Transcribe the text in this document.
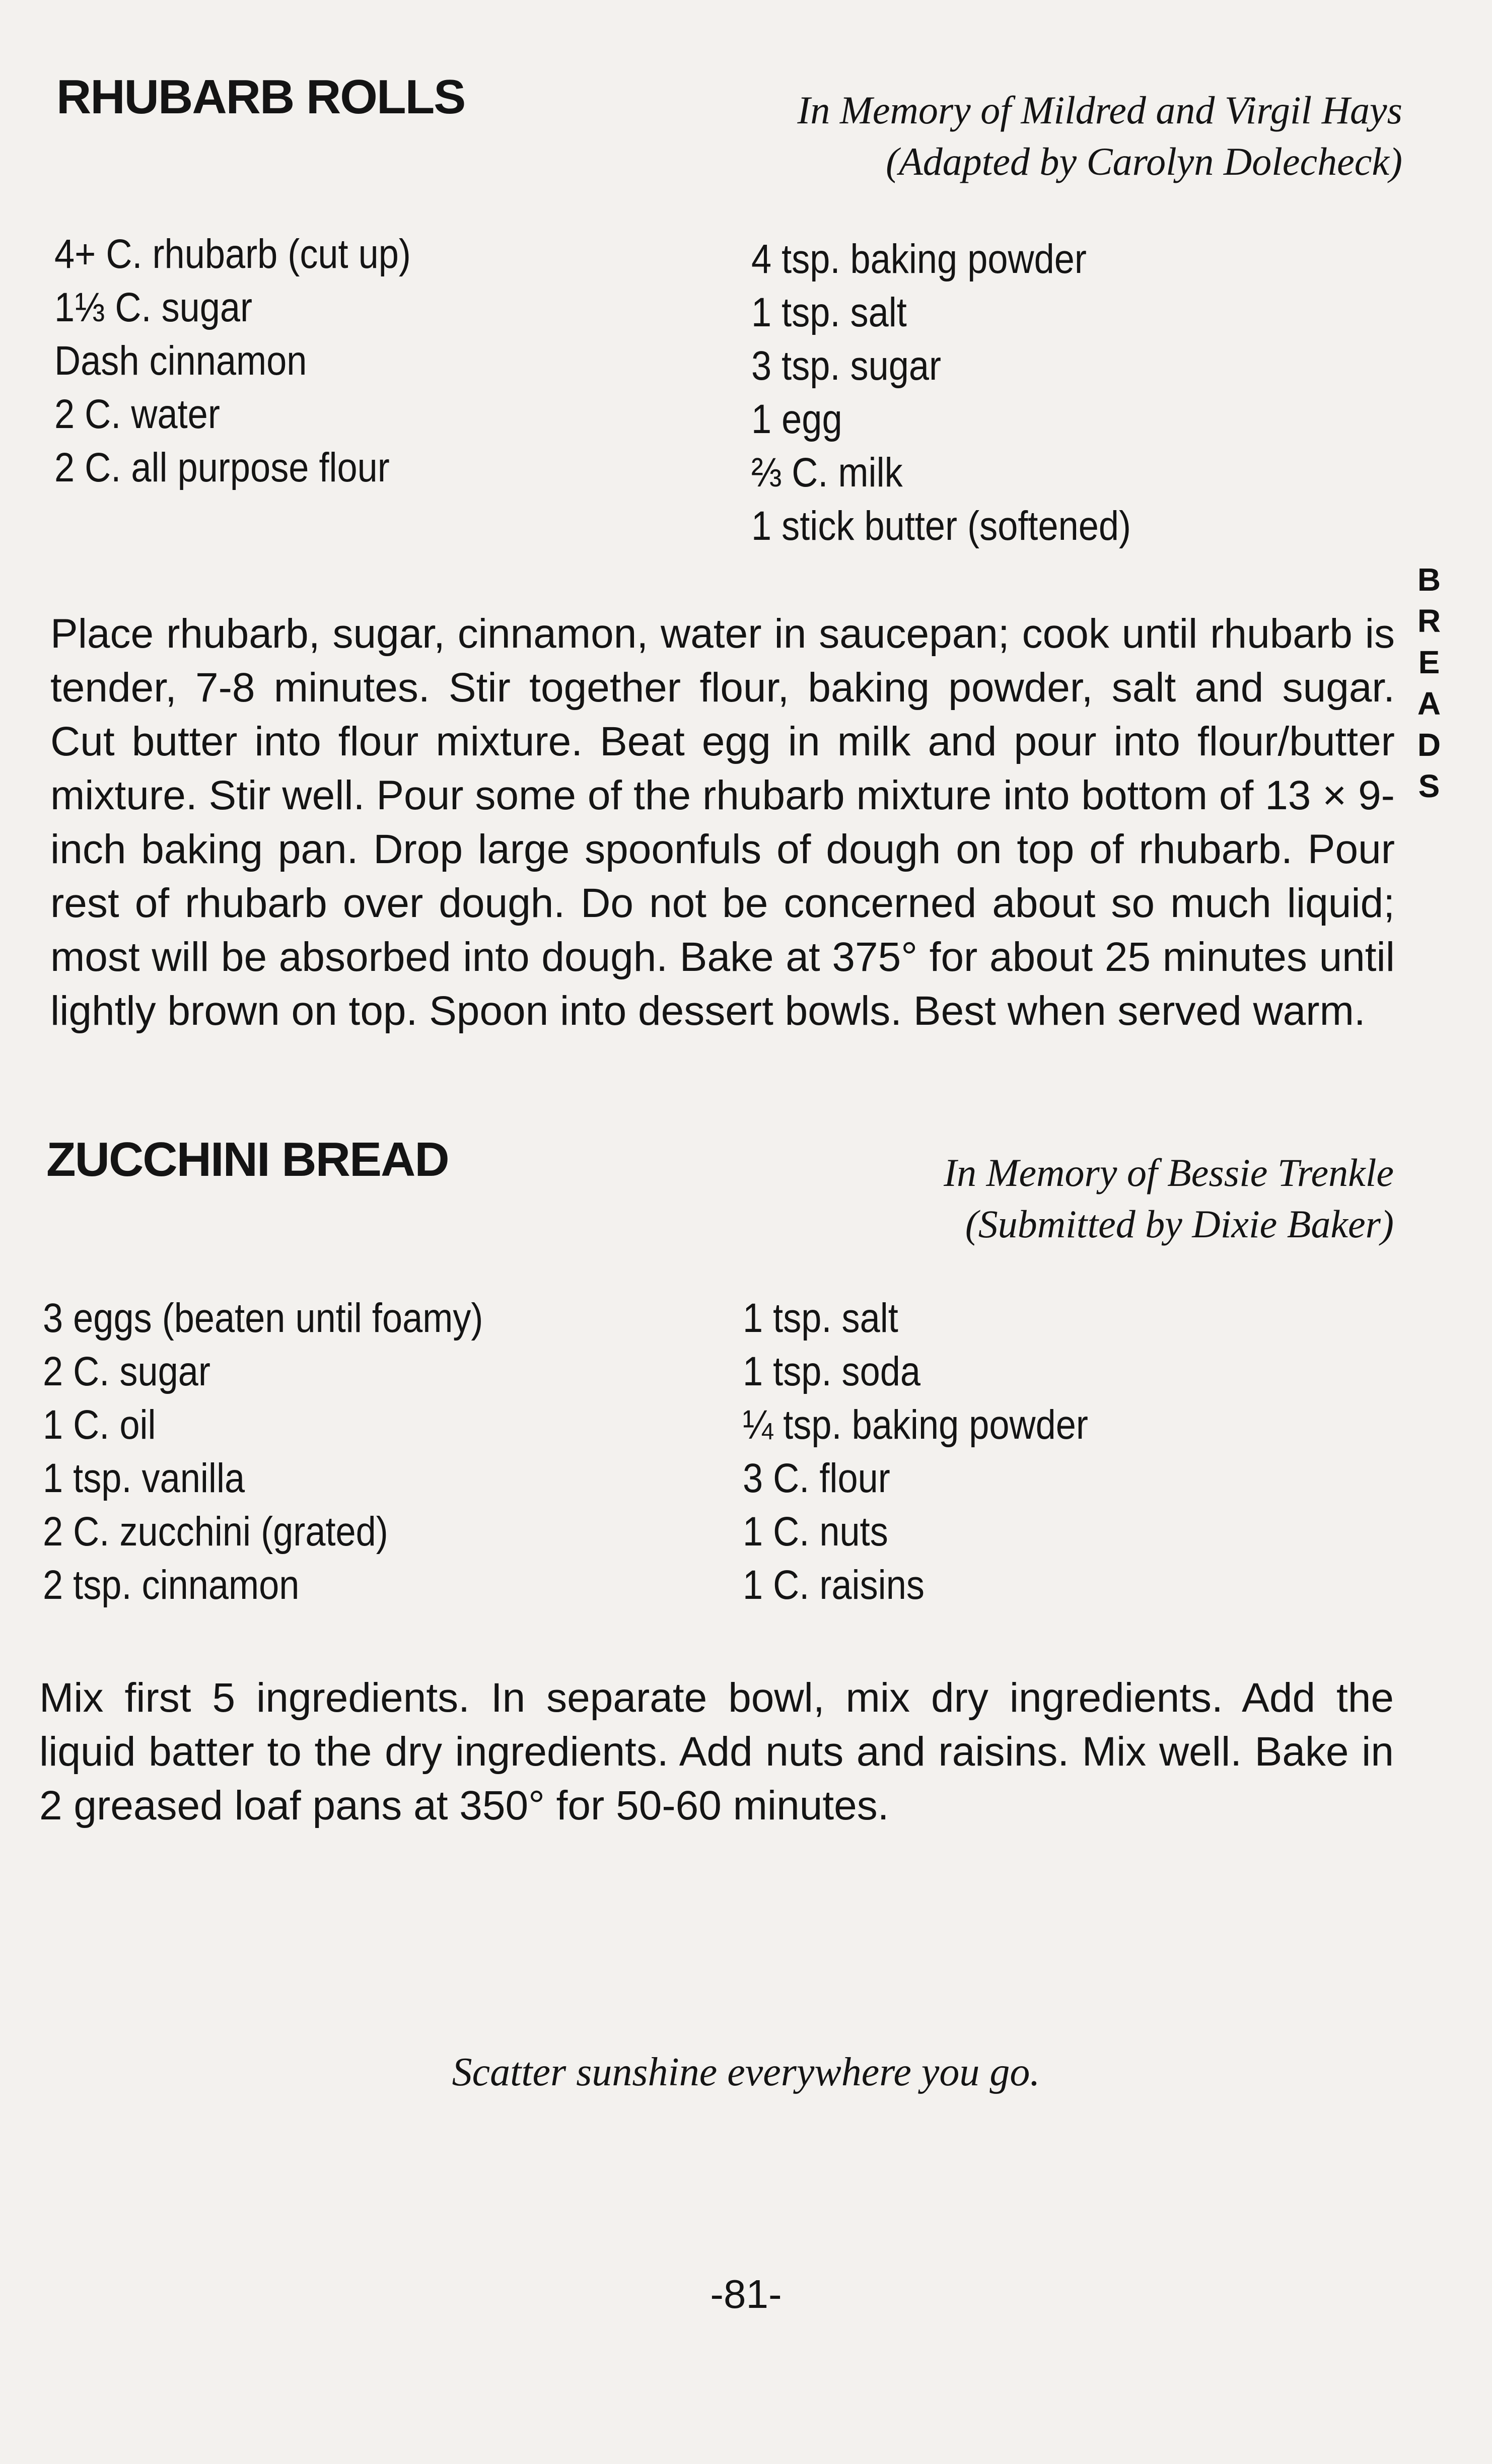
RHUBARB ROLLS	In Memory of Mildred and Virgil Hays
(Adapted by Carolyn Dolecheck)
4+ C. rhubarb (cut up)
1⅓ C. sugar
Dash cinnamon
2 C. water
2 C. all purpose flour
4 tsp. baking powder
1 tsp. salt
3 tsp. sugar
1 egg
⅔ C. milk
1 stick butter (softened)

Place rhubarb, sugar, cinnamon, water in saucepan; cook until rhubarb is tender, 7-8 minutes. Stir together flour, baking powder, salt and sugar. Cut butter into flour mixture. Beat egg in milk and pour into flour/butter mixture. Stir well. Pour some of the rhubarb mixture into bottom of 13 × 9-inch baking pan. Drop large spoonfuls of dough on top of rhubarb. Pour rest of rhubarb over dough. Do not be concerned about so much liquid; most will be absorbed into dough. Bake at 375° for about 25 minutes until lightly brown on top. Spoon into dessert bowls. Best when served warm.

ZUCCHINI BREAD	In Memory of Bessie Trenkle
(Submitted by Dixie Baker)
3 eggs (beaten until foamy)
2 C. sugar
1 C. oil
1 tsp. vanilla
2 C. zucchini (grated)
2 tsp. cinnamon
1 tsp. salt
1 tsp. soda
¼ tsp. baking powder
3 C. flour
1 C. nuts
1 C. raisins

Mix first 5 ingredients. In separate bowl, mix dry ingredients. Add the liquid batter to the dry ingredients. Add nuts and raisins. Mix well. Bake in 2 greased loaf pans at 350° for 50-60 minutes.

B
R
E
A
D
S
Scatter sunshine everywhere you go.
-81-
